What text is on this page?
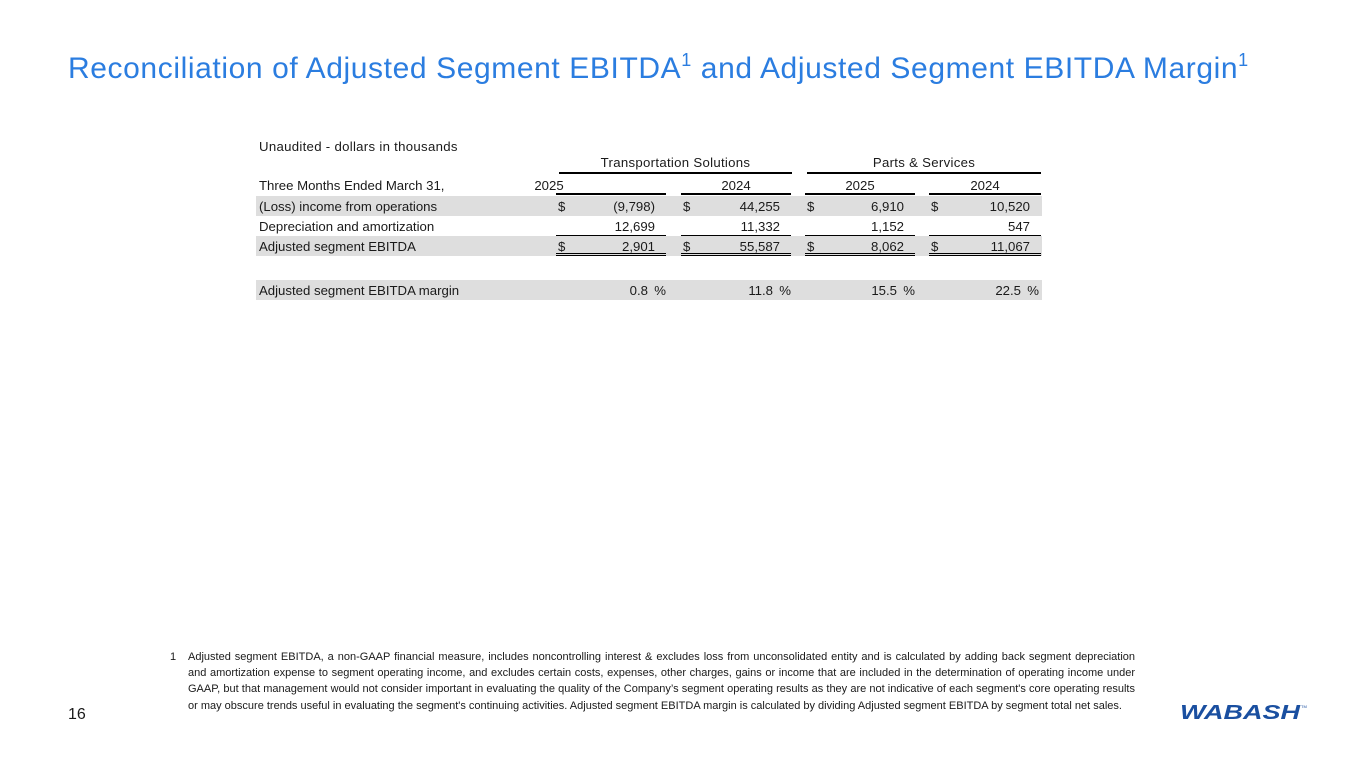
Reconciliation of Adjusted Segment EBITDA$^1$ and Adjusted Segment EBITDA Margin$^1$
Unaudited - dollars in thousands
Transportation Solutions	Parts & Services
Three Months Ended March 31,	2025	2024	2025	2024
(Loss) income from operations	$	(9,798) $	44,255 $	6,910 $	10,520
Depreciation and amortization	12,699	11,332	1,152	547
Adjusted segment EBITDA	$	2,901 $	55,587 $	8,062 $	11,067
Adjusted segment EBITDA margin	0.8 %	11.8 %	15.5 %	22.5 %
1 Adjusted segment EBITDA, a non-GAAP financial measure, includes noncontrolling interest & excludes loss from unconsolidated entity and is calculated by adding back segment depreciation and amortization expense to segment operating income, and excludes certain costs, expenses, other charges, gains or income that are included in the determination of operating income under GAAP, but that management would not consider important in evaluating the quality of the Company’s segment operating results as they are not indicative of each segment's core operating results or may obscure trends useful in evaluating the segment's continuing activities. Adjusted segment EBITDA margin is calculated by dividing Adjusted segment EBITDA by segment total net sales.
16	WABASH TM
